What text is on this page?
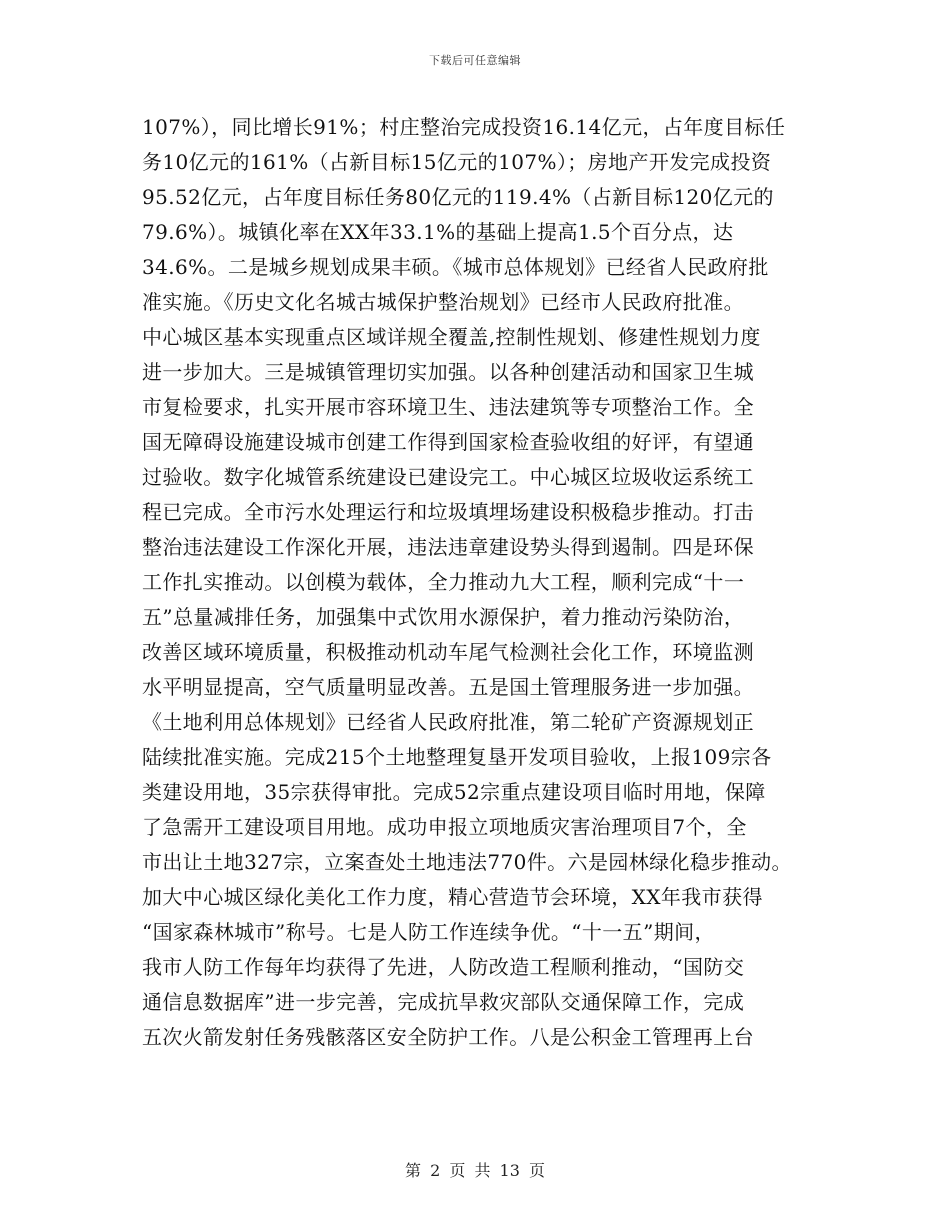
下载后可任意编辑
107%），同比增长91%；村庄整治完成投资16.14亿元，占年度目标任
务10亿元的161%（占新目标15亿元的107%）；房地产开发完成投资
95.52亿元，占年度目标任务80亿元的119.4%（占新目标120亿元的
79.6%）。城镇化率在XX年33.1%的基础上提高1.5个百分点，达
34.6%。二是城乡规划成果丰硕。《城市总体规划》已经省人民政府批
准实施。《历史文化名城古城保护整治规划》已经市人民政府批准。
中心城区基本实现重点区域详规全覆盖,控制性规划、修建性规划力度
进一步加大。三是城镇管理切实加强。以各种创建活动和国家卫生城
市复检要求，扎实开展市容环境卫生、违法建筑等专项整治工作。全
国无障碍设施建设城市创建工作得到国家检查验收组的好评，有望通
过验收。数字化城管系统建设已建设完工。中心城区垃圾收运系统工
程已完成。全市污水处理运行和垃圾填埋场建设积极稳步推动。打击
整治违法建设工作深化开展，违法违章建设势头得到遏制。四是环保
工作扎实推动。以创模为载体，全力推动九大工程，顺利完成“十一
五”总量减排任务，加强集中式饮用水源保护，着力推动污染防治，
改善区域环境质量，积极推动机动车尾气检测社会化工作，环境监测
水平明显提高，空气质量明显改善。五是国土管理服务进一步加强。
《土地利用总体规划》已经省人民政府批准，第二轮矿产资源规划正
陆续批准实施。完成215个土地整理复垦开发项目验收，上报109宗各
类建设用地，35宗获得审批。完成52宗重点建设项目临时用地，保障
了急需开工建设项目用地。成功申报立项地质灾害治理项目7个，全
市出让土地327宗，立案查处土地违法770件。六是园林绿化稳步推动。
加大中心城区绿化美化工作力度，精心营造节会环境，XX年我市获得
“国家森林城市”称号。七是人防工作连续争优。“十一五”期间，
我市人防工作每年均获得了先进，人防改造工程顺利推动，“国防交
通信息数据库”进一步完善，完成抗旱救灾部队交通保障工作，完成
五次火箭发射任务残骸落区安全防护工作。八是公积金工管理再上台
第 2 页 共 13 页
